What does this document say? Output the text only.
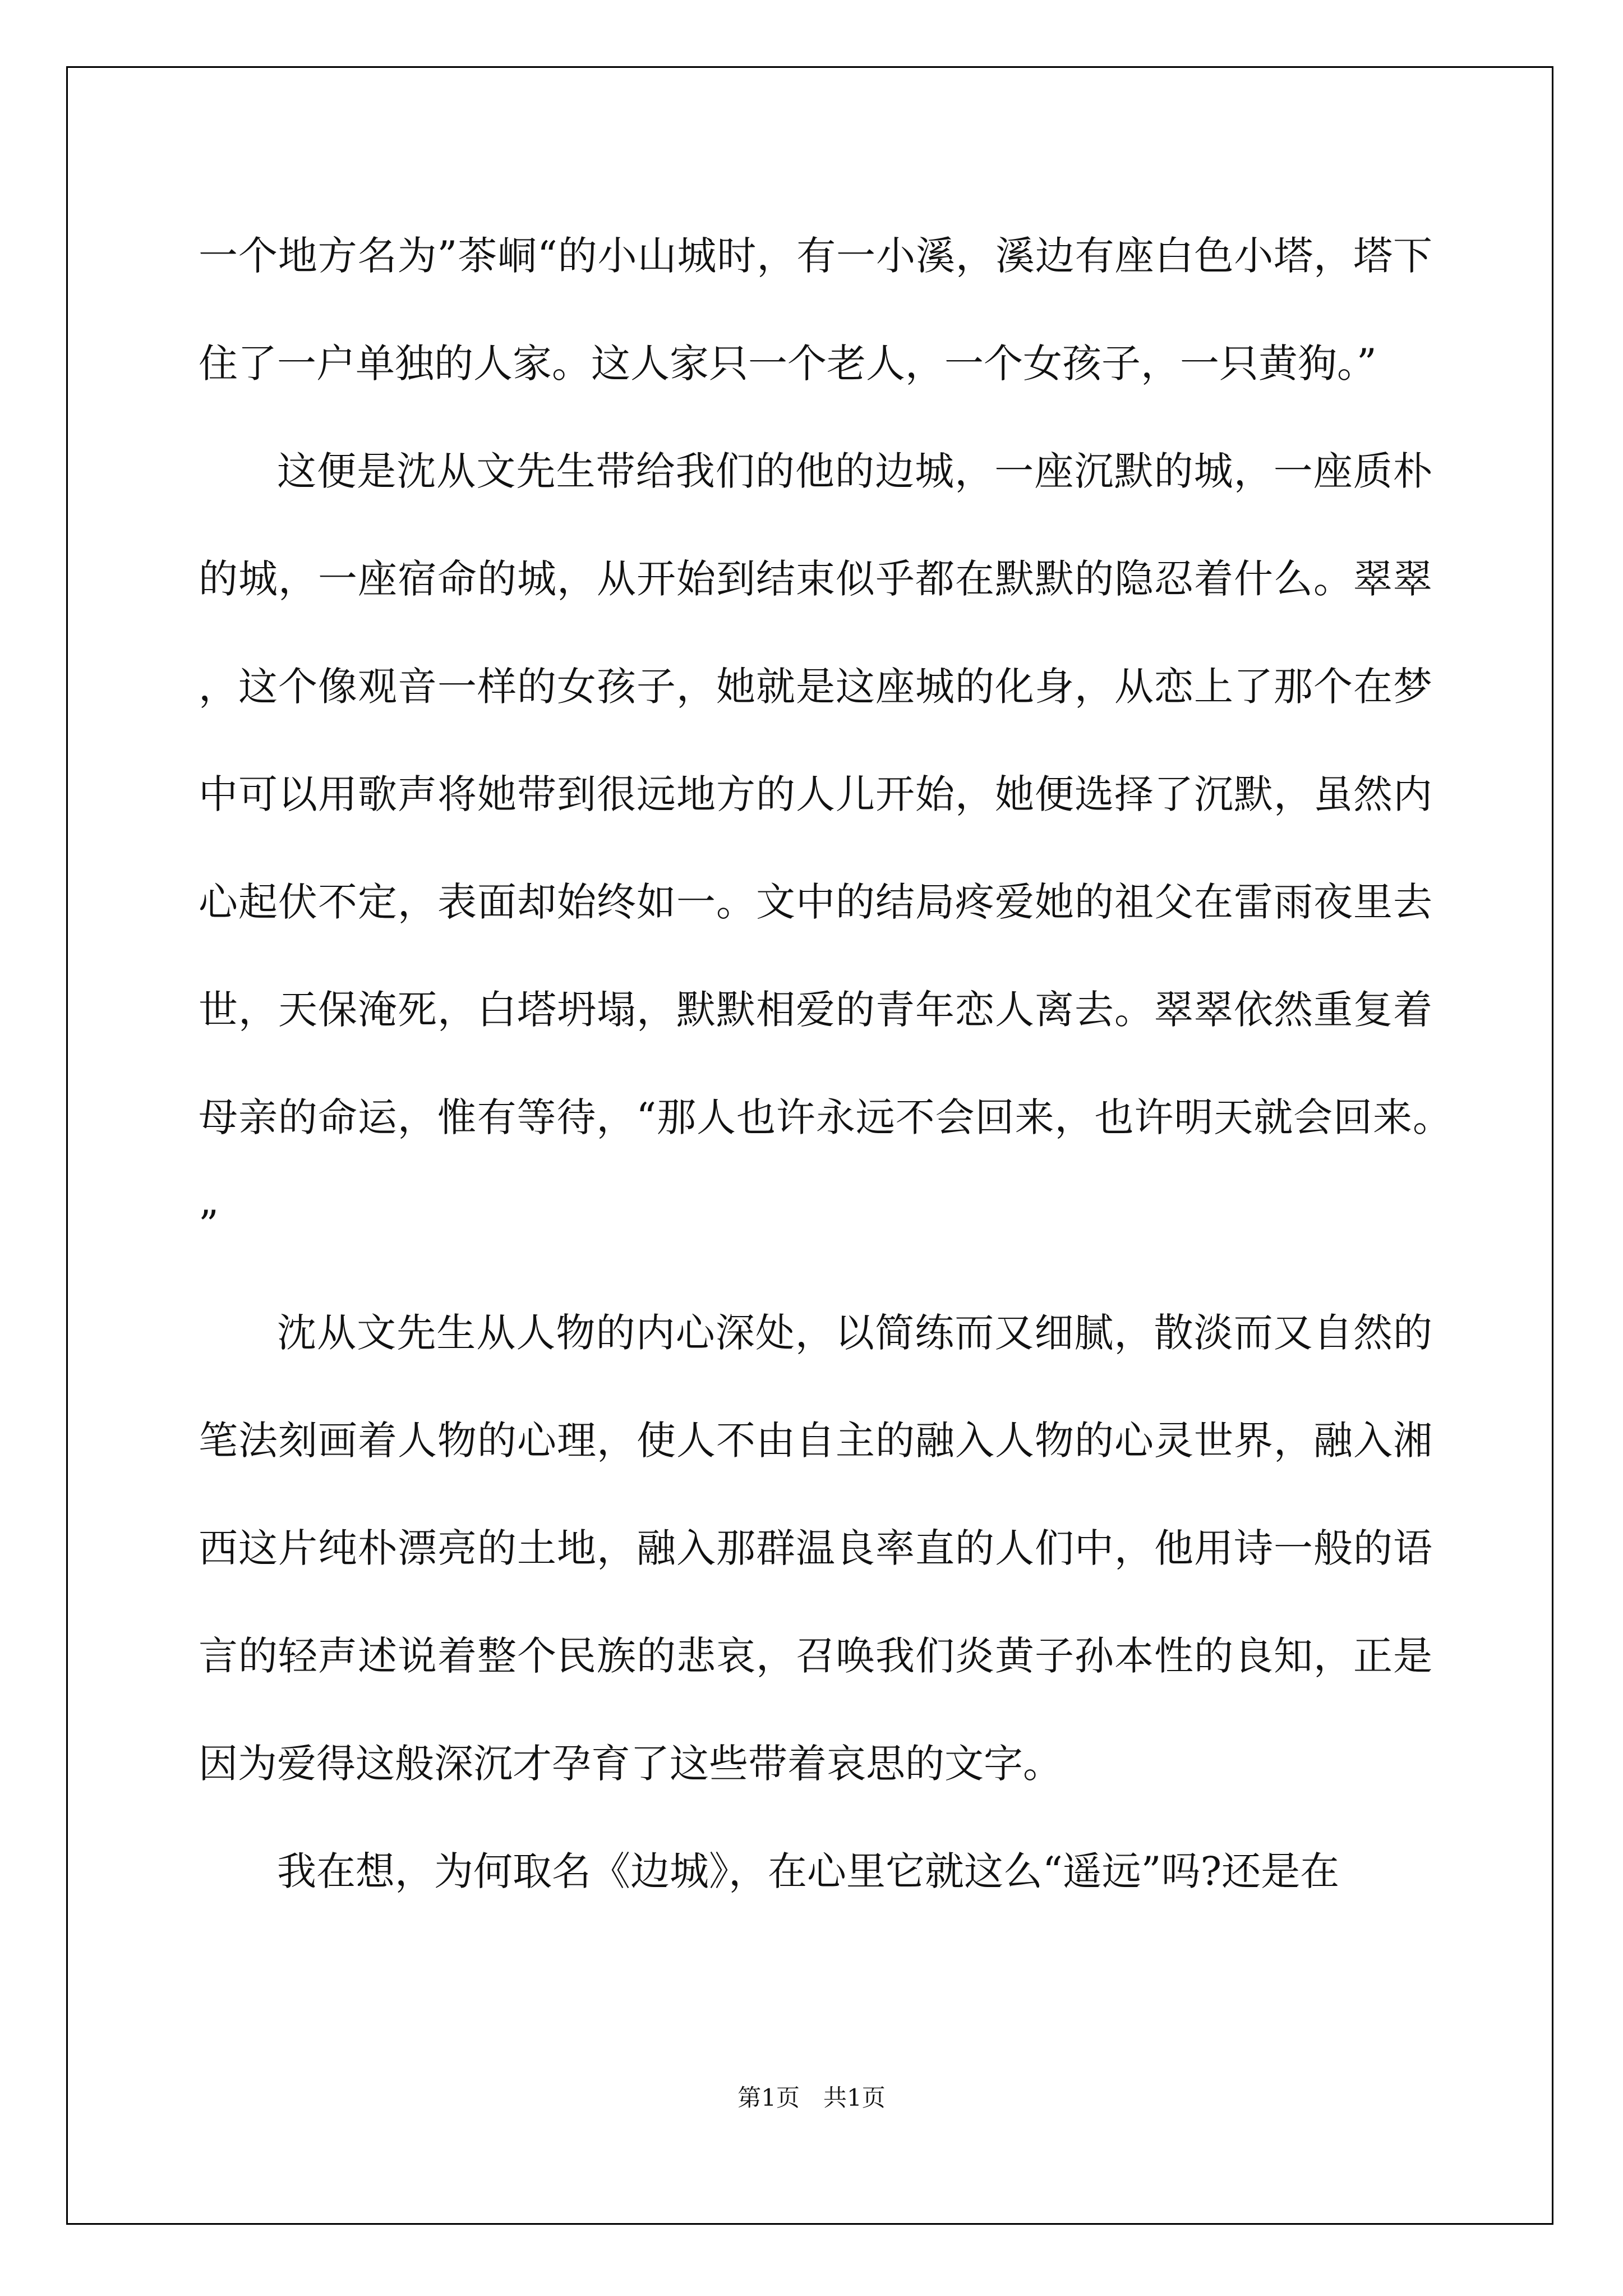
一个地方名为”茶峒“的小山城时，有一小溪，溪边有座白色小塔，塔下住了一户单独的人家。这人家只一个老人，一个女孩子，一只黄狗。”

这便是沈从文先生带给我们的他的边城，一座沉默的城，一座质朴的城，一座宿命的城，从开始到结束似乎都在默默的隐忍着什么。翠翠，这个像观音一样的女孩子，她就是这座城的化身，从恋上了那个在梦中可以用歌声将她带到很远地方的人儿开始，她便选择了沉默，虽然内心起伏不定，表面却始终如一。文中的结局疼爱她的祖父在雷雨夜里去世，天保淹死，白塔坍塌，默默相爱的青年恋人离去。翠翠依然重复着母亲的命运，惟有等待，“那人也许永远不会回来，也许明天就会回来。”

沈从文先生从人物的内心深处，以简练而又细腻，散淡而又自然的笔法刻画着人物的心理，使人不由自主的融入人物的心灵世界，融入湘西这片纯朴漂亮的土地，融入那群温良率直的人们中，他用诗一般的语言的轻声述说着整个民族的悲哀，召唤我们炎黄子孙本性的良知，正是因为爱得这般深沉才孕育了这些带着哀思的文字。

我在想，为何取名《边城》，在心里它就这么“遥远”吗?还是在

第1页　共1页
